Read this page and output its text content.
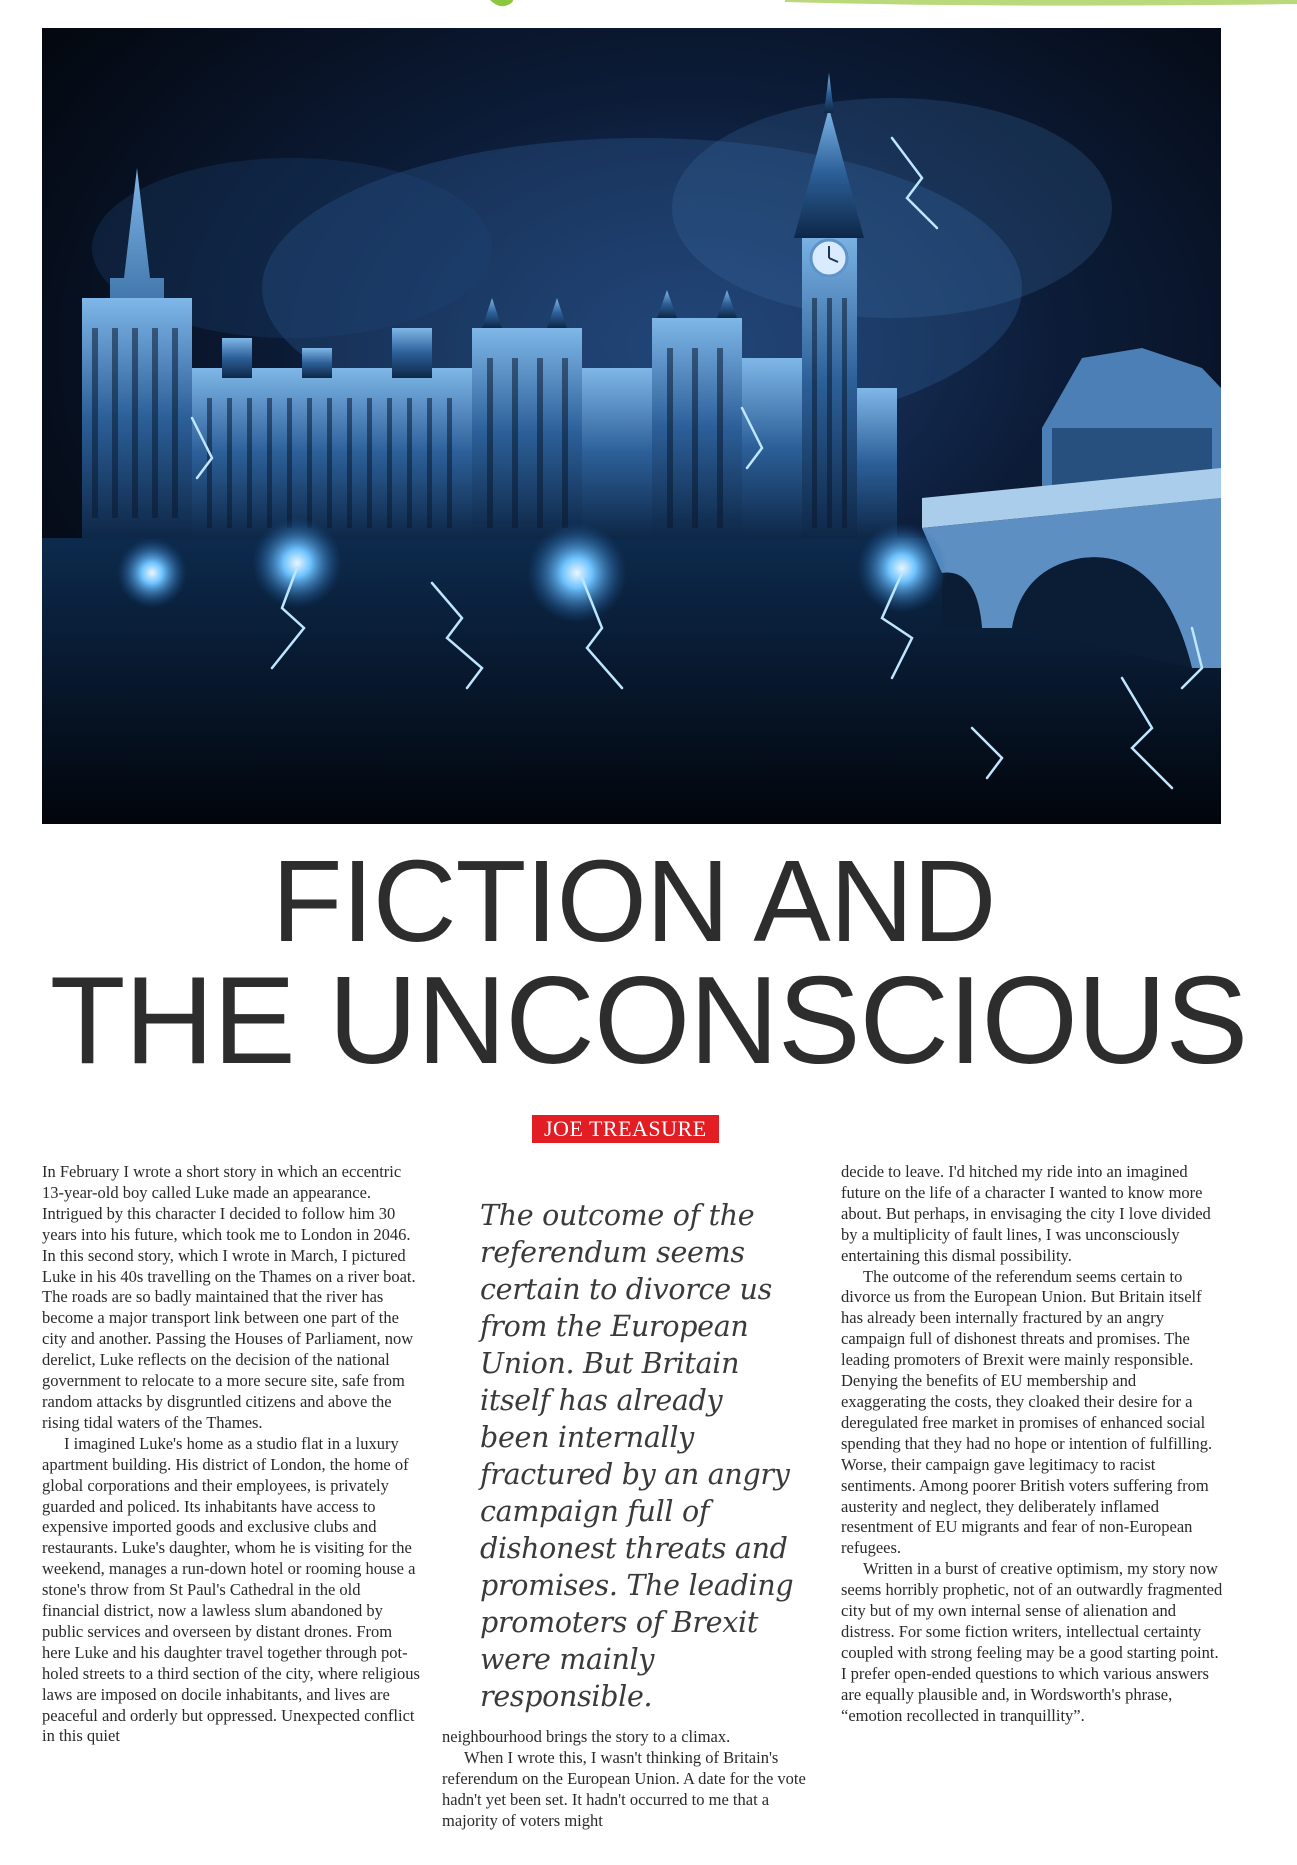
FICTION AND
THE UNCONSCIOUS
JOE TREASURE

In February I wrote a short story in which an eccentric 13-year-old boy called Luke made an appearance. Intrigued by this character I decided to follow him 30 years into his future, which took me to London in 2046. In this second story, which I wrote in March, I pictured Luke in his 40s travelling on the Thames on a river boat. The roads are so badly maintained that the river has become a major transport link between one part of the city and another. Passing the Houses of Parliament, now derelict, Luke reflects on the decision of the national government to relocate to a more secure site, safe from random attacks by disgruntled citizens and above the rising tidal waters of the Thames.

I imagined Luke's home as a studio flat in a luxury apartment building. His district of London, the home of global corporations and their employees, is privately guarded and policed. Its inhabitants have access to expensive imported goods and exclusive clubs and restaurants. Luke's daughter, whom he is visiting for the weekend, manages a run-down hotel or rooming house a stone's throw from St Paul's Cathedral in the old financial district, now a lawless slum abandoned by public services and overseen by distant drones. From here Luke and his daughter travel together through pot-holed streets to a third section of the city, where religious laws are imposed on docile inhabitants, and lives are peaceful and orderly but oppressed. Unexpected conflict in this quiet

The outcome of the referendum seems certain to divorce us from the European Union. But Britain itself has already been internally fractured by an angry campaign full of dishonest threats and promises. The leading promoters of Brexit were mainly responsible.

neighbourhood brings the story to a climax.

When I wrote this, I wasn't thinking of Britain's referendum on the European Union. A date for the vote hadn't yet been set. It hadn't occurred to me that a majority of voters might

decide to leave. I'd hitched my ride into an imagined future on the life of a character I wanted to know more about. But perhaps, in envisaging the city I love divided by a multiplicity of fault lines, I was unconsciously entertaining this dismal possibility.

The outcome of the referendum seems certain to divorce us from the European Union. But Britain itself has already been internally fractured by an angry campaign full of dishonest threats and promises. The leading promoters of Brexit were mainly responsible. Denying the benefits of EU membership and exaggerating the costs, they cloaked their desire for a deregulated free market in promises of enhanced social spending that they had no hope or intention of fulfilling. Worse, their campaign gave legitimacy to racist sentiments. Among poorer British voters suffering from austerity and neglect, they deliberately inflamed resentment of EU migrants and fear of non-European refugees.

Written in a burst of creative optimism, my story now seems horribly prophetic, not of an outwardly fragmented city but of my own internal sense of alienation and distress. For some fiction writers, intellectual certainty coupled with strong feeling may be a good starting point. I prefer open-ended questions to which various answers are equally plausible and, in Wordsworth's phrase, “emotion recollected in tranquillity”.
